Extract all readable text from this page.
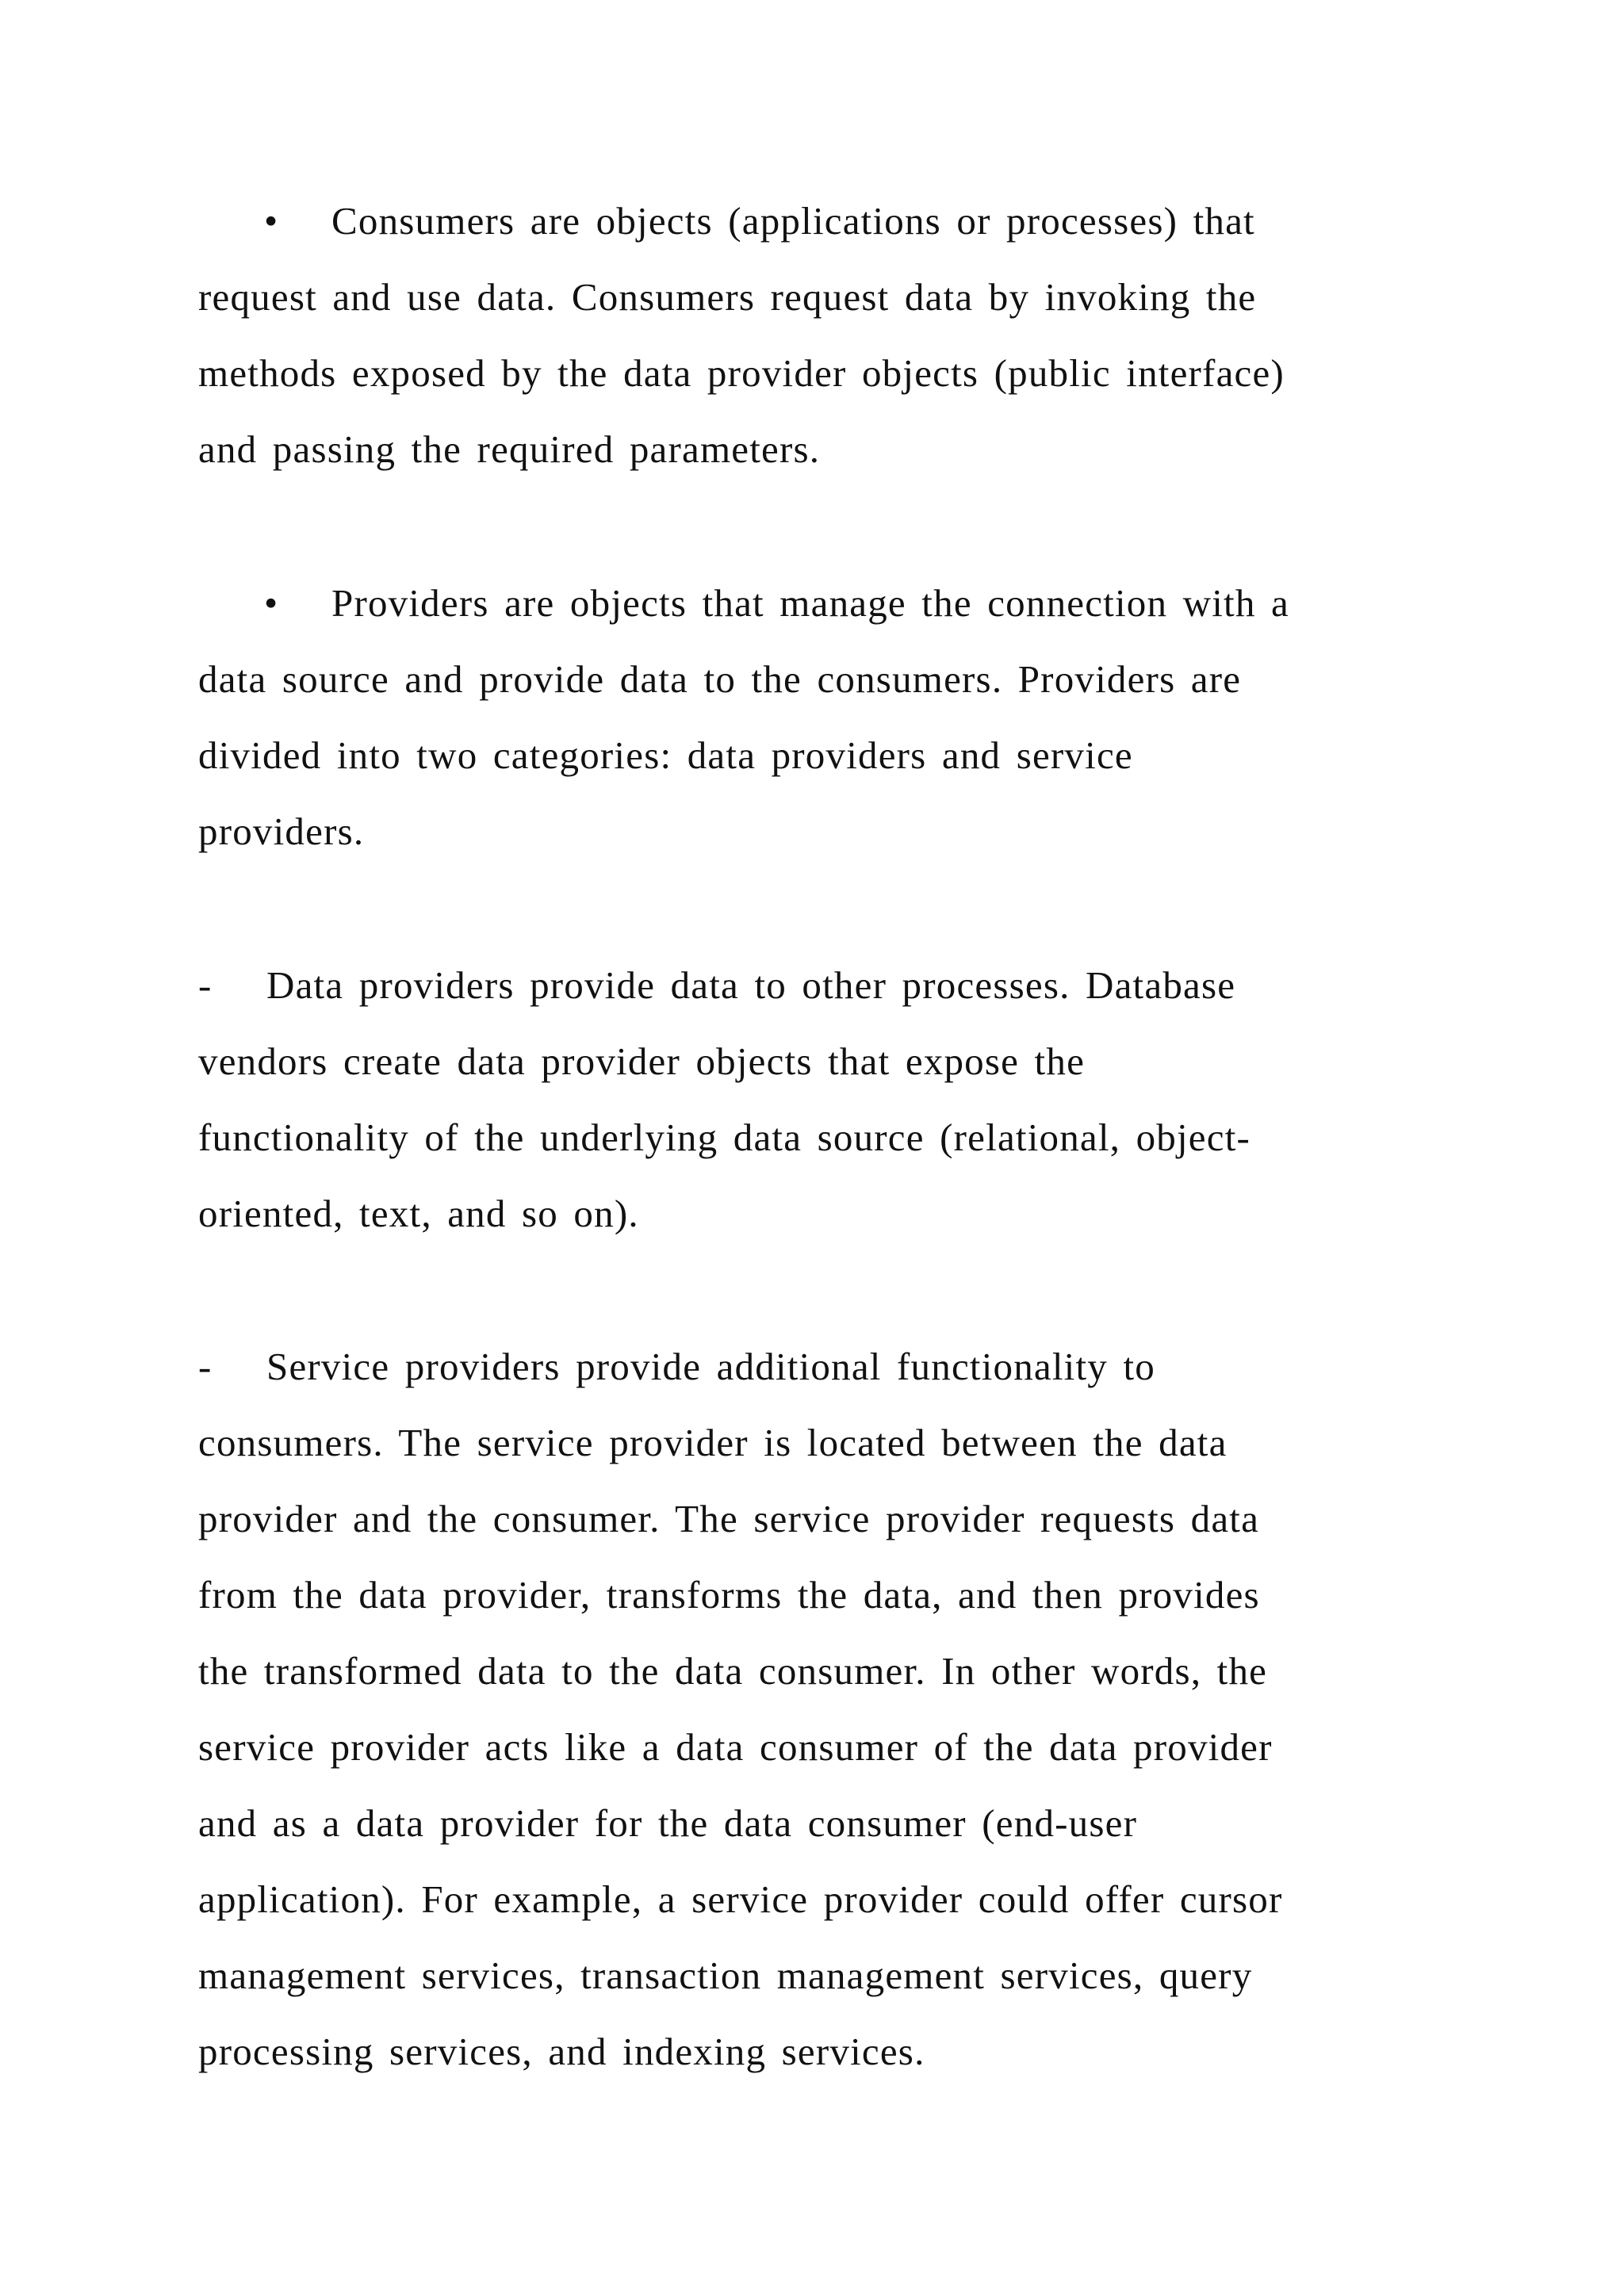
• Consumers are objects (applications or processes) that
request and use data. Consumers request data by invoking the
methods exposed by the data provider objects (public interface)
and passing the required parameters.
• Providers are objects that manage the connection with a
data source and provide data to the consumers. Providers are
divided into two categories: data providers and service
providers.
- Data providers provide data to other processes. Database
vendors create data provider objects that expose the
functionality of the underlying data source (relational, object-
oriented, text, and so on).
- Service providers provide additional functionality to
consumers. The service provider is located between the data
provider and the consumer. The service provider requests data
from the data provider, transforms the data, and then provides
the transformed data to the data consumer. In other words, the
service provider acts like a data consumer of the data provider
and as a data provider for the data consumer (end-user
application). For example, a service provider could offer cursor
management services, transaction management services, query
processing services, and indexing services.
